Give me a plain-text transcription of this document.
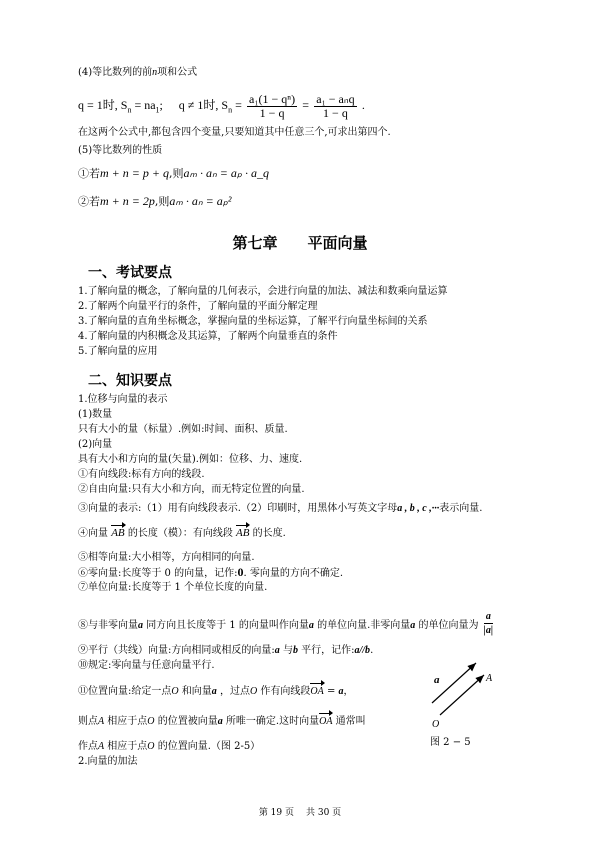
(4)等比数列的前n项和公式
q = 1时, $S_n = na_1$; q ≠ 1时, $S_n = \frac{\text{a₁(1 − qⁿ)}}{1 - q} = \frac{\text{a₁ − aₙq}}{1 - q}$ .
在这两个公式中,都包含四个变量,只要知道其中任意三个,可求出第四个.
(5)等比数列的性质
①若m + n = p + q,则aₘ · aₙ = aₚ · a_q
②若m + n = 2p,则aₘ · aₙ = aₚ²
第七章 平面向量
一、考试要点
1.了解向量的概念，了解向量的几何表示，会进行向量的加法、减法和数乘向量运算
2.了解两个向量平行的条件，了解向量的平面分解定理
3.了解向量的直角坐标概念，掌握向量的坐标运算，了解平行向量坐标间的关系
4.了解向量的内积概念及其运算，了解两个向量垂直的条件
5.了解向量的应用
二、知识要点
1.位移与向量的表示
(1)数量
只有大小的量（标量）.例如:时间、面积、质量.
(2)向量
具有大小和方向的量(矢量).例如：位移、力、速度.
①有向线段:标有方向的线段.
②自由向量:只有大小和方向，而无特定位置的向量.
③向量的表示:（1）用有向线段表示.（2）印刷时，用黑体小写英文字母a , b , c ,···表示向量.
④向量 AB 的长度（模）：有向线段 AB 的长度.
⑤相等向量:大小相等，方向相同的向量.
⑥零向量:长度等于 0 的向量，记作:0. 零向量的方向不确定.
⑦单位向量:长度等于 1 个单位长度的向量.
⑧与非零向量a 同方向且长度等于 1 的向量叫作向量a 的单位向量.非零向量a 的单位向量为 $\frac{a}{|a|}$
⑨平行（共线）向量:方向相同或相反的向量:a 与b 平行，记作:a//b.
⑩规定:零向量与任意向量平行.
⑪位置向量:给定一点O 和向量a ，过点O 作有向线段OA = a，
则点A 相应于点O 的位置被向量a 所唯一确定.这时向量OA 通常叫
作点A 相应于点O 的位置向量.（图 2-5）
2.向量的加法
a	A
O
图 2 − 5
第 19 页 共 30 页
